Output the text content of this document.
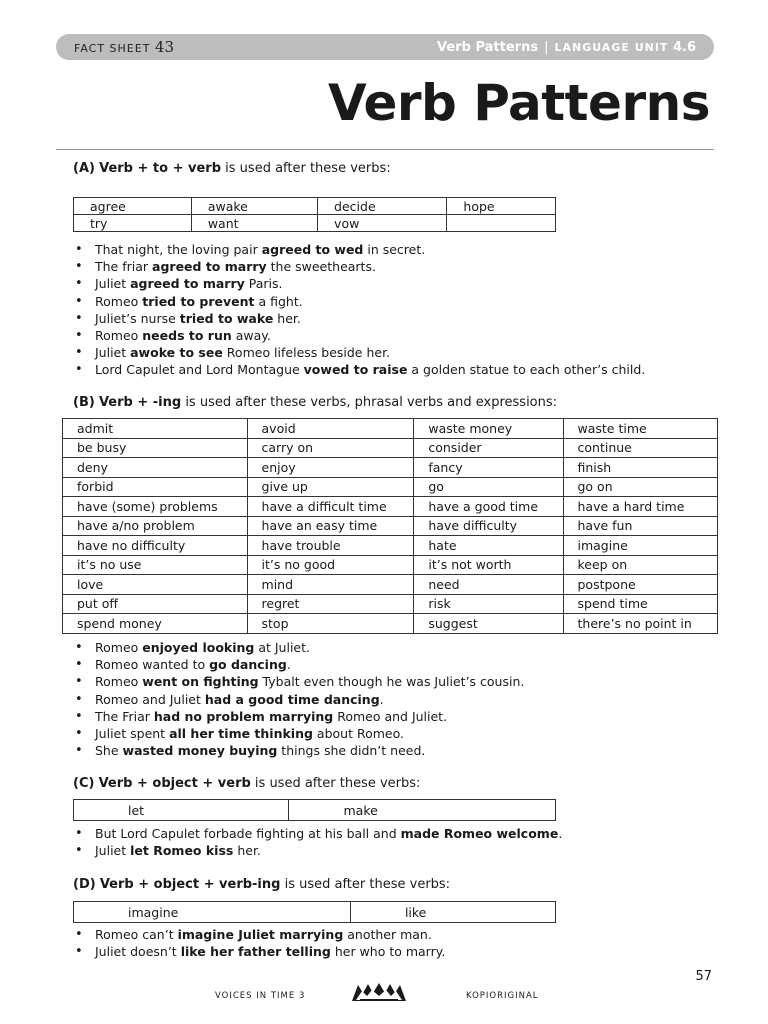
FACT SHEET 43	Verb Patterns | LANGUAGE UNIT 4.6
Verb Patterns
(A) Verb + to + verb is used after these verbs:
agree	awake	decide	hope
try	want	vow	
• That night, the loving pair agreed to wed in secret.
• The friar agreed to marry the sweethearts.
• Juliet agreed to marry Paris.
• Romeo tried to prevent a fight.
• Juliet’s nurse tried to wake her.
• Romeo needs to run away.
• Juliet awoke to see Romeo lifeless beside her.
• Lord Capulet and Lord Montague vowed to raise a golden statue to each other’s child.
(B) Verb + -ing is used after these verbs, phrasal verbs and expressions:
admit	avoid	waste money	waste time
be busy	carry on	consider	continue
deny	enjoy	fancy	finish
forbid	give up	go	go on
have (some) problems	have a difficult time	have a good time	have a hard time
have a/no problem	have an easy time	have difficulty	have fun
have no difficulty	have trouble	hate	imagine
it’s no use	it’s no good	it’s not worth	keep on
love	mind	need	postpone
put off	regret	risk	spend time
spend money	stop	suggest	there’s no point in
• Romeo enjoyed looking at Juliet.
• Romeo wanted to go dancing.
• Romeo went on fighting Tybalt even though he was Juliet’s cousin.
• Romeo and Juliet had a good time dancing.
• The Friar had no problem marrying Romeo and Juliet.
• Juliet spent all her time thinking about Romeo.
• She wasted money buying things she didn’t need.
(C) Verb + object + verb is used after these verbs:
let	make
• But Lord Capulet forbade fighting at his ball and made Romeo welcome.
• Juliet let Romeo kiss her.
(D) Verb + object + verb-ing is used after these verbs:
imagine	like
• Romeo can’t imagine Juliet marrying another man.
• Juliet doesn’t like her father telling her who to marry.
57
VOICES IN TIME 3	KOPIORIGINAL
